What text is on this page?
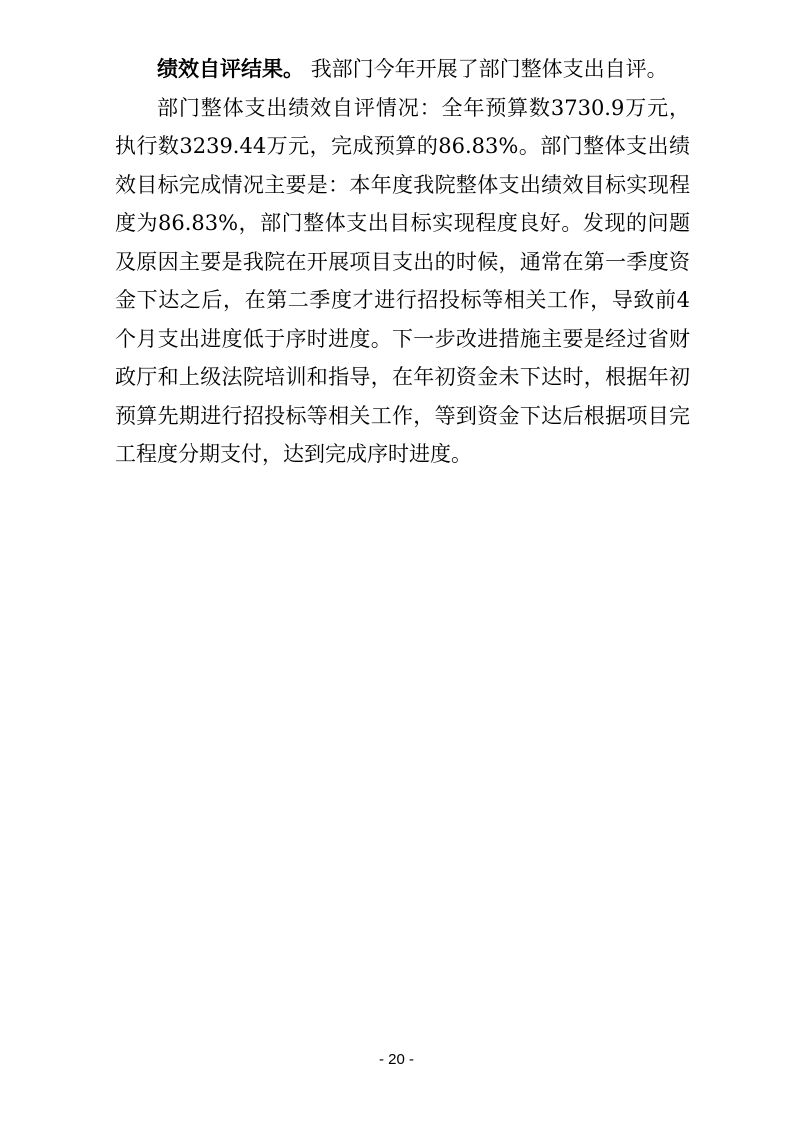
绩效自评结果。 我部门今年开展了部门整体支出自评。

部门整体支出绩效自评情况：全年预算数3730.9万元，执行数3239.44万元，完成预算的86.83%。部门整体支出绩效目标完成情况主要是：本年度我院整体支出绩效目标实现程度为86.83%，部门整体支出目标实现程度良好。发现的问题及原因主要是我院在开展项目支出的时候，通常在第一季度资金下达之后，在第二季度才进行招投标等相关工作，导致前4个月支出进度低于序时进度。下一步改进措施主要是经过省财政厅和上级法院培训和指导，在年初资金未下达时，根据年初预算先期进行招投标等相关工作，等到资金下达后根据项目完工程度分期支付，达到完成序时进度。

- 20 -
